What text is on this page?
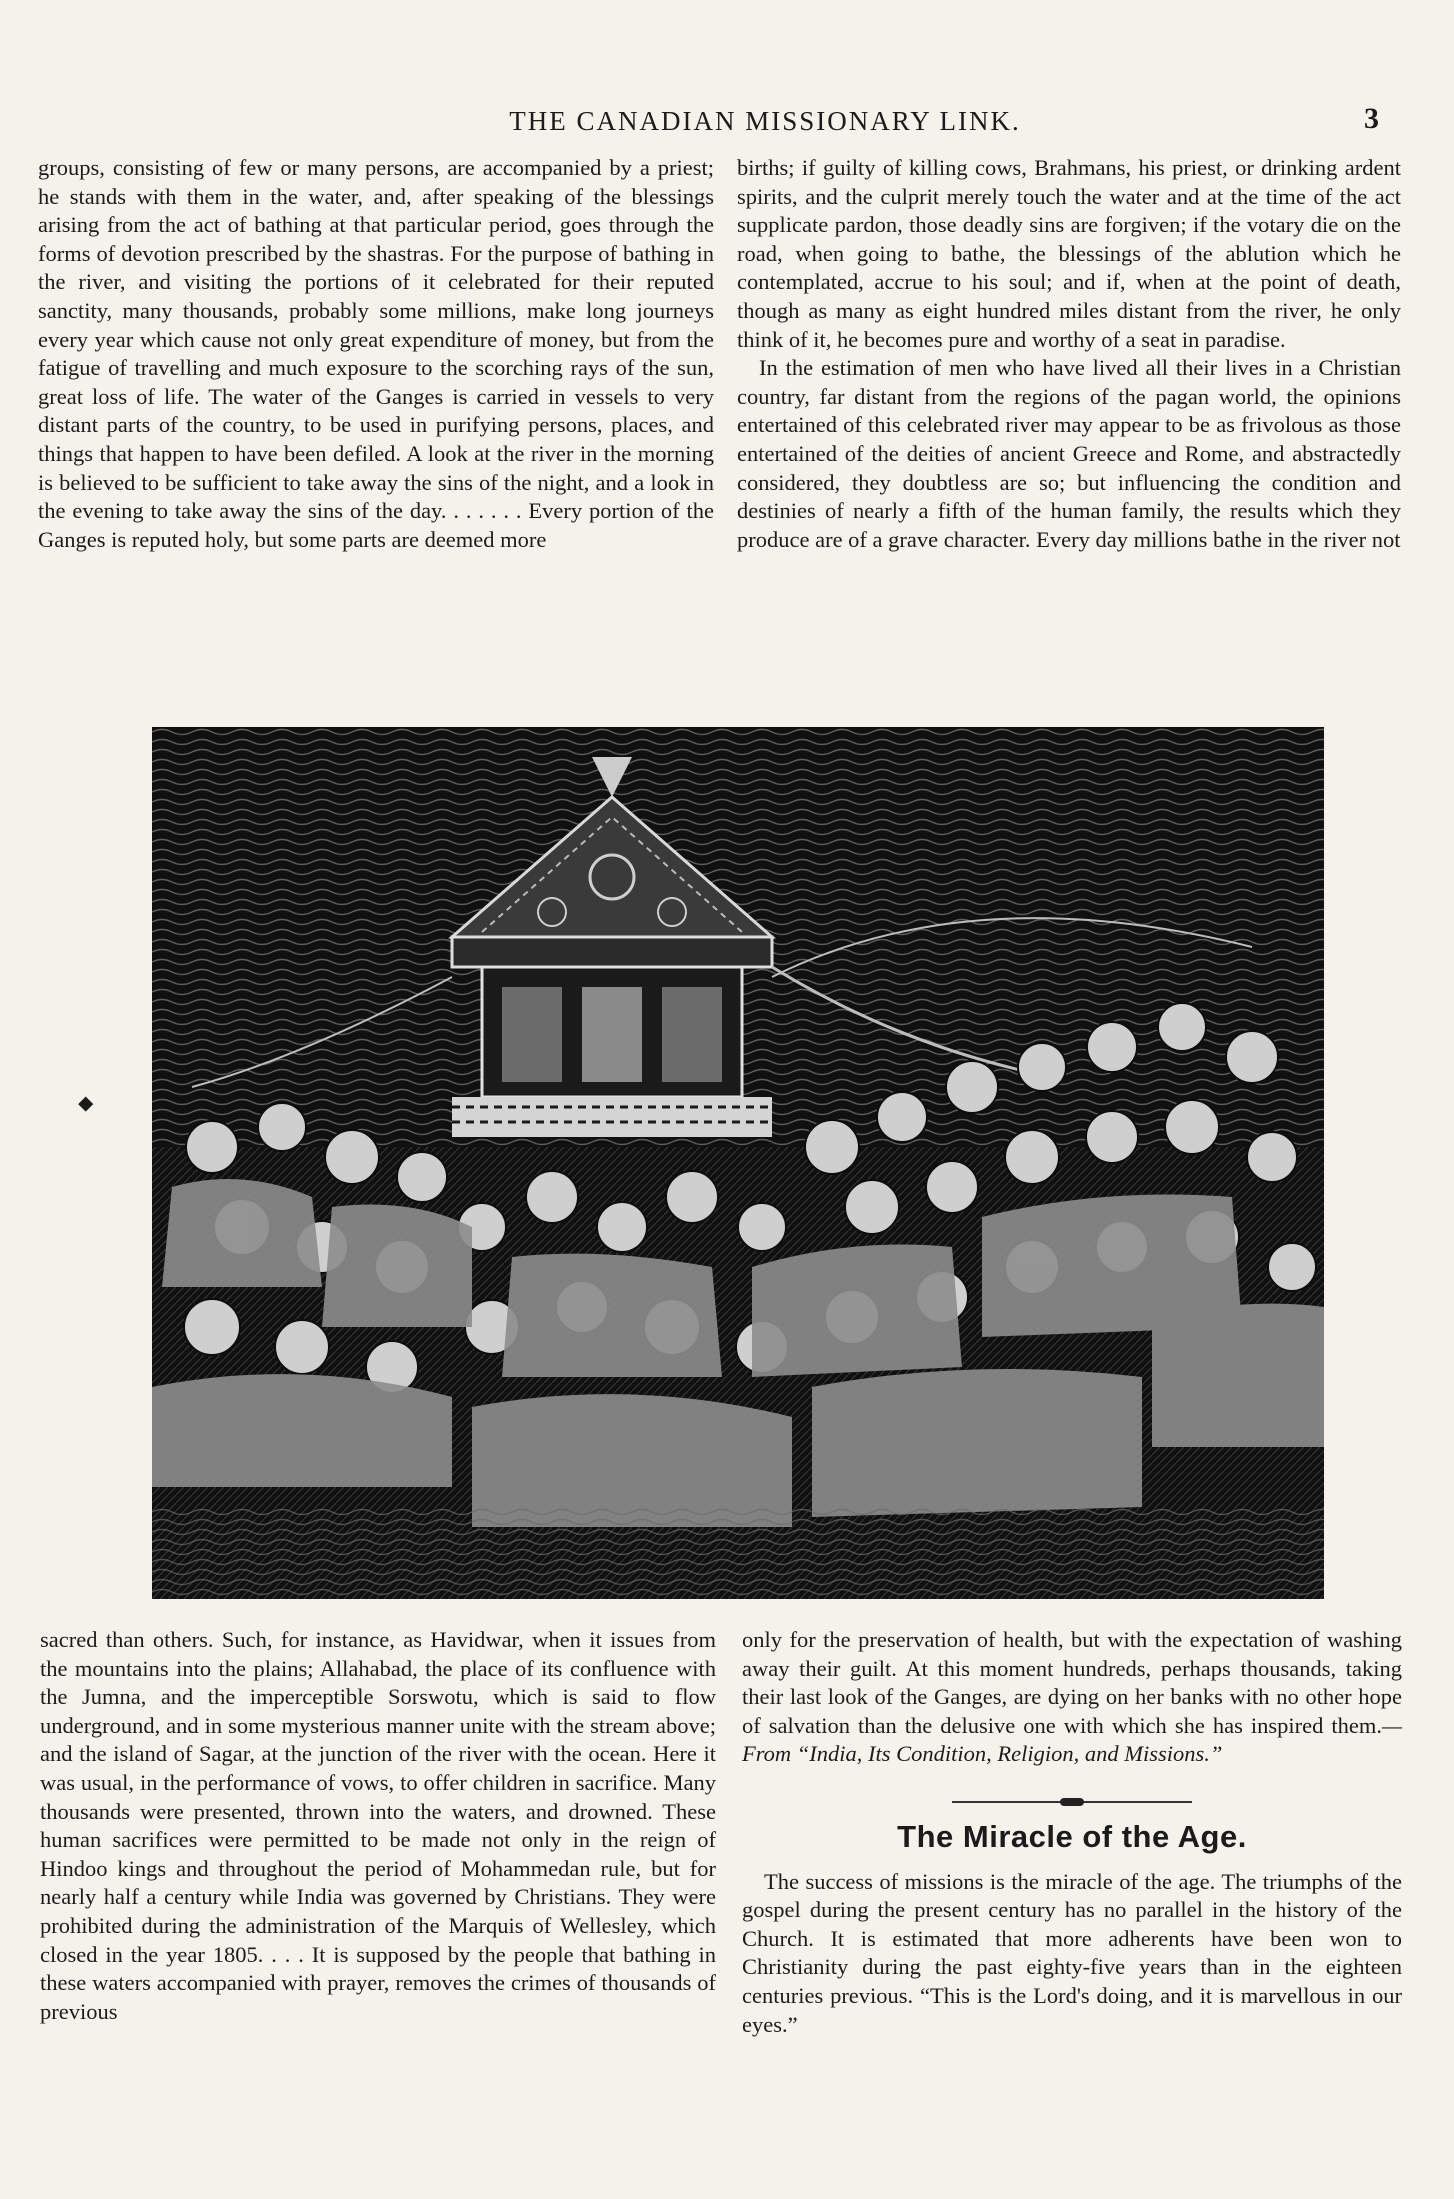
THE CANADIAN MISSIONARY LINK.	3

groups, consisting of few or many persons, are accompanied by a priest; he stands with them in the water, and, after speaking of the blessings arising from the act of bathing at that particular period, goes through the forms of devotion prescribed by the shastras. For the purpose of bathing in the river, and visiting the portions of it celebrated for their reputed sanctity, many thousands, probably some millions, make long journeys every year which cause not only great expenditure of money, but from the fatigue of travelling and much exposure to the scorching rays of the sun, great loss of life. The water of the Ganges is carried in vessels to very distant parts of the country, to be used in purifying persons, places, and things that happen to have been defiled. A look at the river in the morning is believed to be sufficient to take away the sins of the night, and a look in the evening to take away the sins of the day. . . . . . . Every portion of the Ganges is reputed holy, but some parts are deemed more

births; if guilty of killing cows, Brahmans, his priest, or drinking ardent spirits, and the culprit merely touch the water and at the time of the act supplicate pardon, those deadly sins are forgiven; if the votary die on the road, when going to bathe, the blessings of the ablution which he contemplated, accrue to his soul; and if, when at the point of death, though as many as eight hundred miles distant from the river, he only think of it, he becomes pure and worthy of a seat in paradise.

In the estimation of men who have lived all their lives in a Christian country, far distant from the regions of the pagan world, the opinions entertained of this celebrated river may appear to be as frivolous as those entertained of the deities of ancient Greece and Rome, and abstractedly considered, they doubtless are so; but influencing the condition and destinies of nearly a fifth of the human family, the results which they produce are of a grave character. Every day millions bathe in the river not

⬥

sacred than others. Such, for instance, as Havidwar, when it issues from the mountains into the plains; Allahabad, the place of its confluence with the Jumna, and the imperceptible Sorswotu, which is said to flow underground, and in some mysterious manner unite with the stream above; and the island of Sagar, at the junction of the river with the ocean. Here it was usual, in the performance of vows, to offer children in sacrifice. Many thousands were presented, thrown into the waters, and drowned. These human sacrifices were permitted to be made not only in the reign of Hindoo kings and throughout the period of Mohammedan rule, but for nearly half a century while India was governed by Christians. They were prohibited during the administration of the Marquis of Wellesley, which closed in the year 1805. . . . It is supposed by the people that bathing in these waters accompanied with prayer, removes the crimes of thousands of previous

only for the preservation of health, but with the expectation of washing away their guilt. At this moment hundreds, perhaps thousands, taking their last look of the Ganges, are dying on her banks with no other hope of salvation than the delusive one with which she has inspired them.—From “India, Its Condition, Religion, and Missions.”

The Miracle of the Age.

The success of missions is the miracle of the age. The triumphs of the gospel during the present century has no parallel in the history of the Church. It is estimated that more adherents have been won to Christianity during the past eighty-five years than in the eighteen centuries previous. “This is the Lord's doing, and it is marvellous in our eyes.”
